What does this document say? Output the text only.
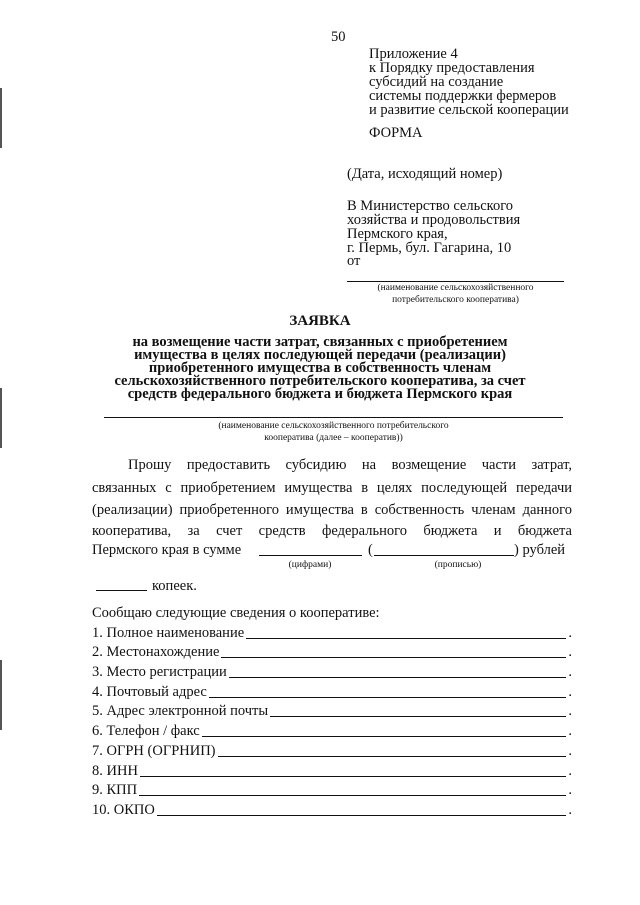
50
Приложение 4
к Порядку предоставления
субсидий на создание
системы поддержки фермеров
и развитие сельской кооперации
ФОРМА
(Дата, исходящий номер)
В Министерство сельского
хозяйства и продовольствия
Пермского края,
г. Пермь, бул. Гагарина, 10
от
(наименование сельскохозяйственного
потребительского кооператива)
ЗАЯВКА
на возмещение части затрат, связанных с приобретением
имущества в целях последующей передачи (реализации)
приобретенного имущества в собственность членам
сельскохозяйственного потребительского кооператива, за счет
средств федерального бюджета и бюджета Пермского края
(наименование сельскохозяйственного потребительского
кооператива (далее – кооператив))
Прошу предоставить субсидию на возмещение части затрат,
связанных с приобретением имущества в целях последующей передачи
(реализации) приобретенного имущества в собственность членам данного
кооператива, за счет средств федерального бюджета и бюджета
Пермского края в сумме	(	) рублей
(цифрами)	(прописью)
копеек.
Сообщаю следующие сведения о кооперативе:
1. Полное наименование	.
2. Местонахождение	.
3. Место регистрации	.
4. Почтовый адрес	.
5. Адрес электронной почты	.
6. Телефон / факс	.
7. ОГРН (ОГРНИП)	.
8. ИНН	.
9. КПП	.
10. ОКПО	.
